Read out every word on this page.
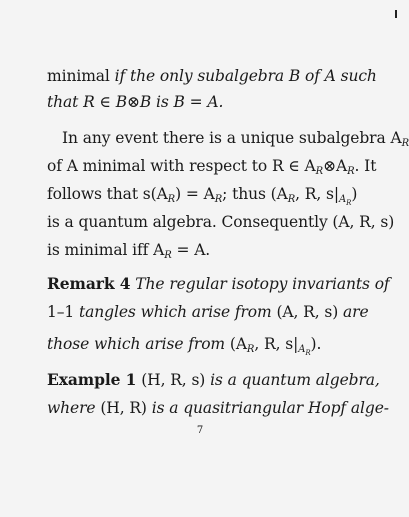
minimal if the only subalgebra B of A such
that R ∈ B⊗B is B = A.
In any event there is a unique subalgebra $A_R$
of A minimal with respect to R ∈ $A_R\otimes A_R$. It
follows that $s(A_R) = A_R$; thus ($A_R$, R, $s|_{A_R}$)
is a quantum algebra. Consequently (A, R, s)
is minimal iff $A_R = A$.
Remark 4 The regular isotopy invariants of
1–1 tangles which arise from (A, R, s) are
those which arise from ($A_R$, R, $s|_{A_R}$).
Example 1 (H, R, s) is a quantum algebra,
where (H, R) is a quasitriangular Hopf alge-
7
